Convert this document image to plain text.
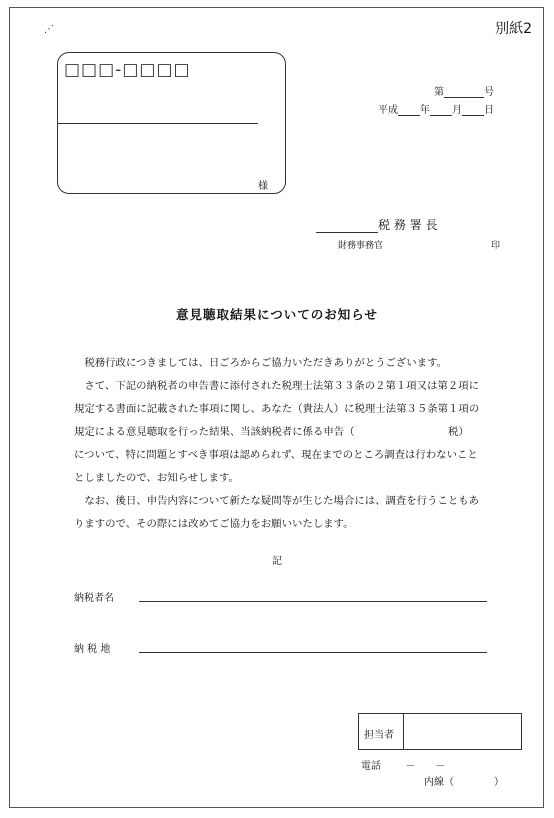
⋰	別紙2
□□□-□□□□
様
第	号
平成 年 月 日
税 務 署 長
財務事務官	印
意見聴取結果についてのお知らせ
　税務行政につきましては、日ごろからご協力いただきありがとうございます。
　さて、下記の納税者の申告書に添付された税理士法第３３条の２第１項又は第２項に
規定する書面に記載された事項に関し、あなた（貴法人）に税理士法第３５条第１項の
規定による意見聴取を行った結果、当該納税者に係る申告（　　　　　　　　　税）
について、特に問題とすべき事項は認められず、現在までのところ調査は行わないこと
としましたので、お知らせします。
　なお、後日、申告内容について新たな疑問等が生じた場合には、調査を行うこともあ
りますので、その際には改めてご協力をお願いいたします。
記
納税者名
納 税 地
担当者
電話 －　　－
内線（　　　　）
